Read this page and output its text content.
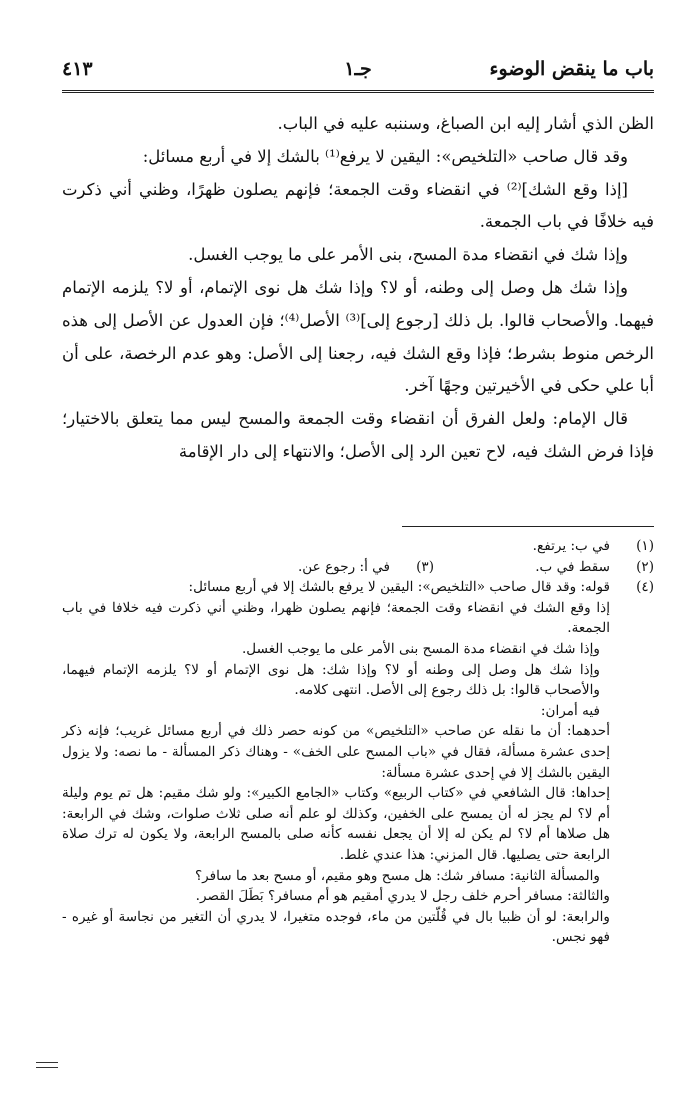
باب ما ينقض الوضوء
جـ١
٤١٣

الظن الذي أشار إليه ابن الصباغ، وسننبه عليه في الباب.

وقد قال صاحب «التلخيص»: اليقين لا يرفع⁽¹⁾ بالشك إلا في أربع مسائل:

[إذا وقع الشك]⁽²⁾ في انقضاء وقت الجمعة؛ فإنهم يصلون ظهرًا، وظني أني ذكرت فيه خلافًا في باب الجمعة.

وإذا شك في انقضاء مدة المسح، بنى الأمر على ما يوجب الغسل.

وإذا شك هل وصل إلى وطنه، أو لا؟ وإذا شك هل نوى الإتمام، أو لا؟ يلزمه الإتمام فيهما. والأصحاب قالوا. بل ذلك [رجوع إلى]⁽³⁾ الأصل⁽⁴⁾؛ فإن العدول عن الأصل إلى هذه الرخص منوط بشرط؛ فإذا وقع الشك فيه، رجعنا إلى الأصل: وهو عدم الرخصة، على أن أبا علي حكى في الأخيرتين وجهًا آخر.

قال الإمام: ولعل الفرق أن انقضاء وقت الجمعة والمسح ليس مما يتعلق بالاختيار؛ فإذا فرض الشك فيه، لاح تعين الرد إلى الأصل؛ والانتهاء إلى دار الإقامة

(١)
في ب: يرتفع.
(٢)
سقط في ب.
(٣)
في أ: رجوع عن.
(٤)
قوله: وقد قال صاحب «التلخيص»: اليقين لا يرفع بالشك إلا في أربع مسائل:
إذا وقع الشك في انقضاء وقت الجمعة؛ فإنهم يصلون ظهرا، وظني أني ذكرت فيه خلافا في باب الجمعة.
وإذا شك في انقضاء مدة المسح بنى الأمر على ما يوجب الغسل.
وإذا شك هل وصل إلى وطنه أو لا؟ وإذا شك: هل نوى الإتمام أو لا؟ يلزمه الإتمام فيهما، والأصحاب قالوا: بل ذلك رجوع إلى الأصل. انتهى كلامه.
فيه أمران:
أحدهما: أن ما نقله عن صاحب «التلخيص» من كونه حصر ذلك في أربع مسائل غريب؛ فإنه ذكر إحدى عشرة مسألة، فقال في «باب المسح على الخف» - وهناك ذكر المسألة - ما نصه: ولا يزول اليقين بالشك إلا في إحدى عشرة مسألة:
إحداها: قال الشافعي في «كتاب الربيع» وكتاب «الجامع الكبير»: ولو شك مقيم: هل تم يوم وليلة أم لا؟ لم يجز له أن يمسح على الخفين، وكذلك لو علم أنه صلى ثلاث صلوات، وشك في الرابعة: هل صلاها أم لا؟ لم يكن له إلا أن يجعل نفسه كأنه صلى بالمسح الرابعة، ولا يكون له ترك صلاة الرابعة حتى يصليها. قال المزني: هذا عندي غلط.
والمسألة الثانية: مسافر شك: هل مسح وهو مقيم، أو مسح بعد ما سافر؟
والثالثة: مسافر أحرم خلف رجل لا يدري أمقيم هو أم مسافر؟ بَطَلَ القصر.
والرابعة: لو أن ظبيا بال في قُلّتين من ماء، فوجده متغيرا، لا يدري أن التغير من نجاسة أو غيره - فهو نجس.
